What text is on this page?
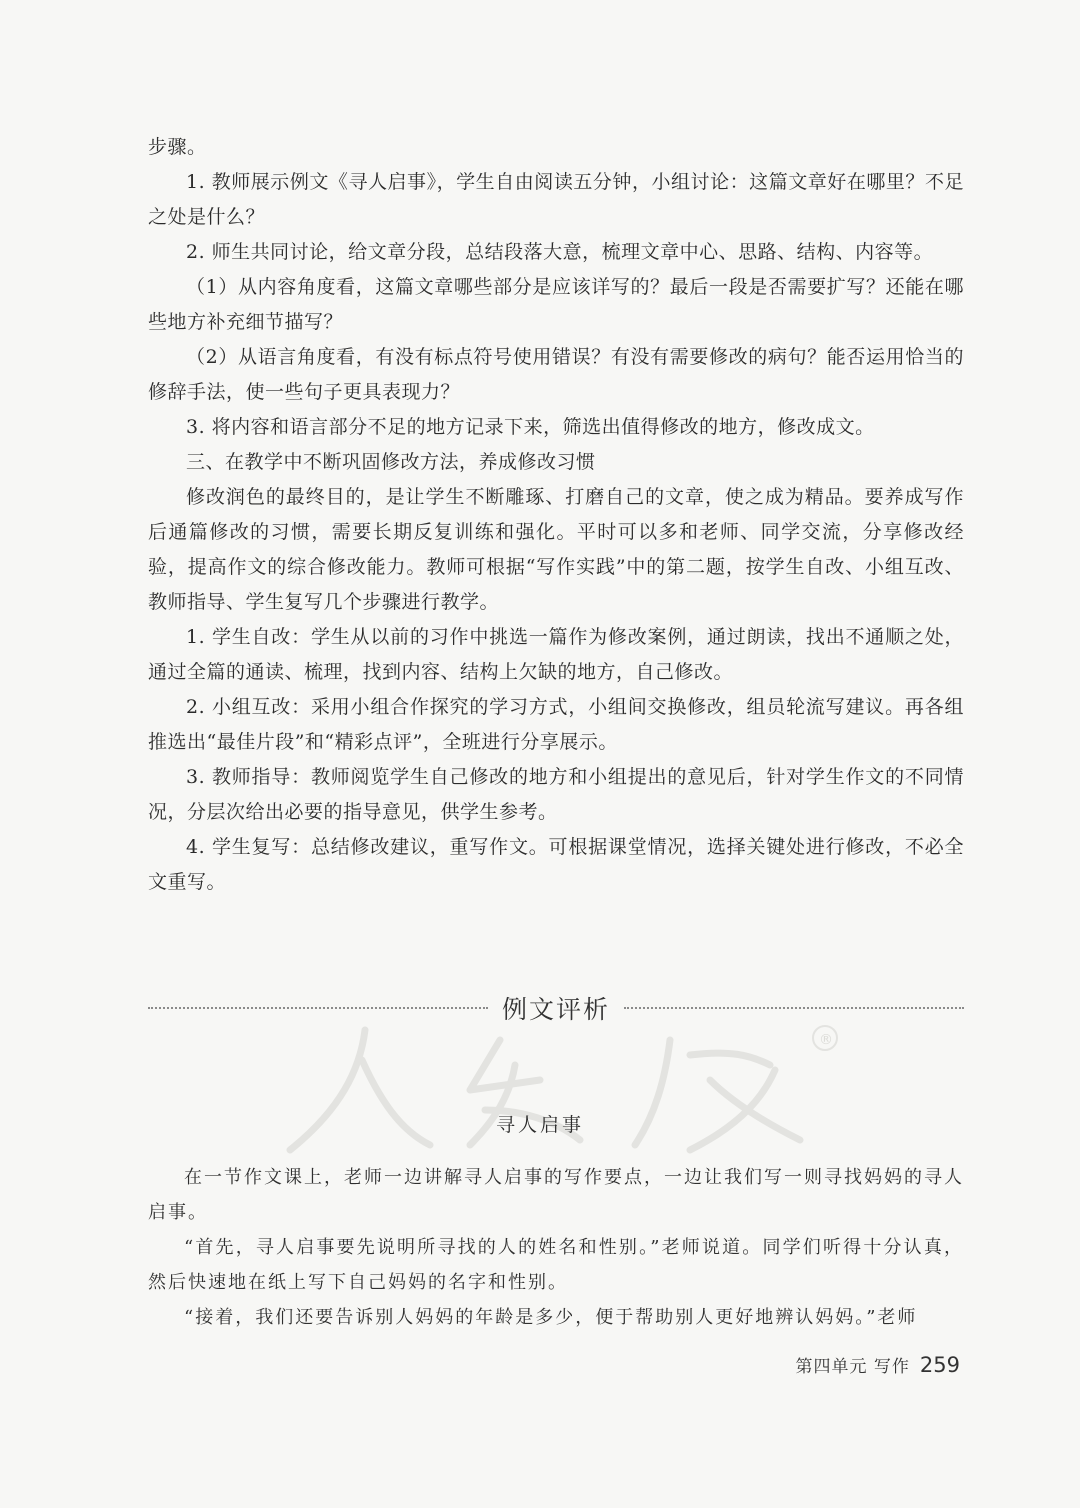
步骤。

1. 教师展示例文《寻人启事》，学生自由阅读五分钟，小组讨论：这篇文章好在哪里？不足之处是什么？

2. 师生共同讨论，给文章分段，总结段落大意，梳理文章中心、思路、结构、内容等。

（1）从内容角度看，这篇文章哪些部分是应该详写的？最后一段是否需要扩写？还能在哪些地方补充细节描写？

（2）从语言角度看，有没有标点符号使用错误？有没有需要修改的病句？能否运用恰当的修辞手法，使一些句子更具表现力？

3. 将内容和语言部分不足的地方记录下来，筛选出值得修改的地方，修改成文。

三、在教学中不断巩固修改方法，养成修改习惯

修改润色的最终目的，是让学生不断雕琢、打磨自己的文章，使之成为精品。要养成写作后通篇修改的习惯，需要长期反复训练和强化。平时可以多和老师、同学交流，分享修改经验，提高作文的综合修改能力。教师可根据“写作实践”中的第二题，按学生自改、小组互改、教师指导、学生复写几个步骤进行教学。

1. 学生自改：学生从以前的习作中挑选一篇作为修改案例，通过朗读，找出不通顺之处，通过全篇的通读、梳理，找到内容、结构上欠缺的地方，自己修改。

2. 小组互改：采用小组合作探究的学习方式，小组间交换修改，组员轮流写建议。再各组推选出“最佳片段”和“精彩点评”，全班进行分享展示。

3. 教师指导：教师阅览学生自己修改的地方和小组提出的意见后，针对学生作文的不同情况，分层次给出必要的指导意见，供学生参考。

4. 学生复写：总结修改建议，重写作文。可根据课堂情况，选择关键处进行修改，不必全文重写。

®
例文评析
寻人启事

在一节作文课上，老师一边讲解寻人启事的写作要点，一边让我们写一则寻找妈妈的寻人启事。

“首先，寻人启事要先说明所寻找的人的姓名和性别。”老师说道。同学们听得十分认真，然后快速地在纸上写下自己妈妈的名字和性别。

“接着，我们还要告诉别人妈妈的年龄是多少，便于帮助别人更好地辨认妈妈。”老师

第四单元 写作 259
